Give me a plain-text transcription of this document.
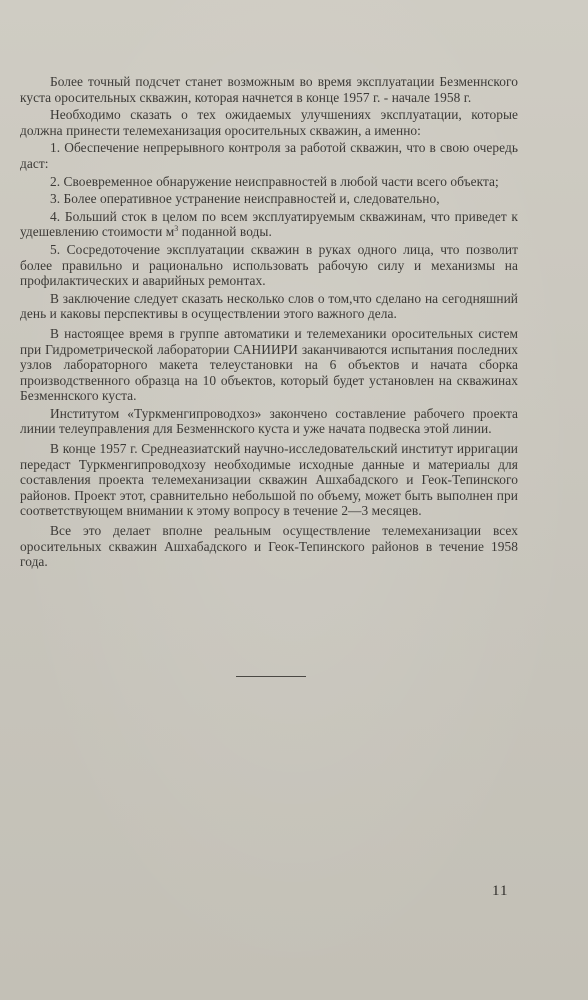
Более точный подсчет станет возможным во время эксплуатации Безменнского куста оросительных скважин, которая начнется в конце 1957 г. - начале 1958 г.

Необходимо сказать о тех ожидаемых улучшениях эксплуатации, которые должна принести телемеханизация оросительных скважин, а именно:

1. Обеспечение непрерывного контроля за работой скважин, что в свою очередь даст:

2. Своевременное обнаружение неисправностей в любой части всего объекта;

3. Более оперативное устранение неисправностей и, следовательно,

4. Больший сток в целом по всем эксплуатируемым скважинам, что приведет к удешевлению стоимости $м^3$ поданной воды.

5. Сосредоточение эксплуатации скважин в руках одного лица, что позволит более правильно и рационально использовать рабочую силу и механизмы на профилактических и аварийных ремонтах.

В заключение следует сказать несколько слов о том,что сделано на сегодняшний день и каковы перспективы в осуществлении этого важного дела.

В настоящее время в группе автоматики и телемеханики оросительных систем при Гидрометрической лаборатории САНИИРИ заканчиваются испытания последних узлов лабораторного макета телеустановки на 6 объектов и начата сборка производственного образца на 10 объектов, который будет установлен на скважинах Безменнского куста.

Институтом «Туркменгипроводхоз» закончено составление рабочего проекта линии телеуправления для Безменнского куста и уже начата подвеска этой линии.

В конце 1957 г. Среднеазиатский научно-исследовательский институт ирригации передаст Туркменгипроводхозу необходимые исходные данные и материалы для составления проекта телемеханизации скважин Ашхабадского и Геок-Тепинского районов. Проект этот, сравнительно небольшой по объему, может быть выполнен при соответствующем внимании к этому вопросу в течение 2—3 месяцев.

Все это делает вполне реальным осуществление телемеханизации всех оросительных скважин Ашхабадского и Геок-Тепинского районов в течение 1958 года.

11
